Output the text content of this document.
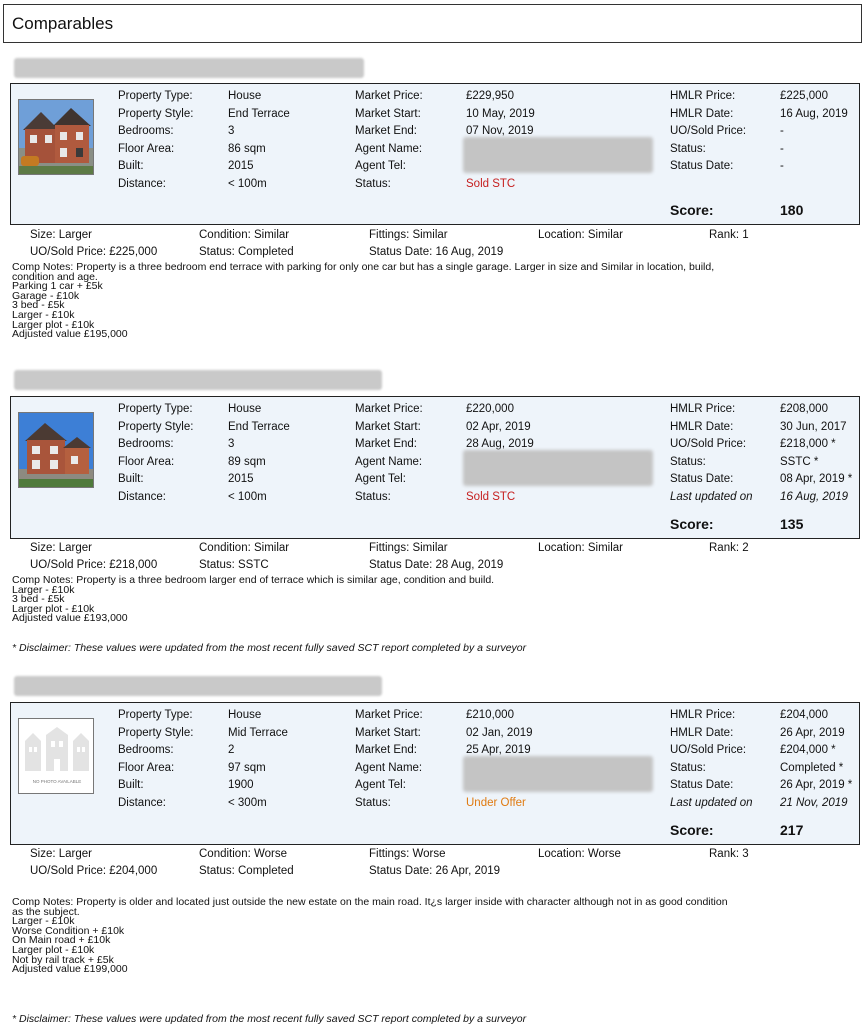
Comparables
Property Type:	House
Property Style:	End Terrace
Bedrooms:	3
Floor Area:	86 sqm
Built:	2015
Distance:	< 100m
Market Price:	£229,950
Market Start:	10 May, 2019
Market End:	07 Nov, 2019
Agent Name:
Agent Tel:
Status:	Sold STC
HMLR Price:	£225,000
HMLR Date:	16 Aug, 2019
UO/Sold Price:	-
Status:	-
Status Date:	-
Score:	180
Size: Larger	Condition: Similar	Fittings: Similar	Location: Similar	Rank: 1
UO/Sold Price: £225,000	Status: Completed	Status Date: 16 Aug, 2019
Comp Notes: Property is a three bedroom end terrace with parking for only one car but has a single garage. Larger in size and Similar in location, build,
condition and age.
Parking 1 car + £5k
Garage - £10k
3 bed - £5k
Larger - £10k
Larger plot - £10k
Adjusted value £195,000
Property Type:	House
Property Style:	End Terrace
Bedrooms:	3
Floor Area:	89 sqm
Built:	2015
Distance:	< 100m
Market Price:	£220,000
Market Start:	02 Apr, 2019
Market End:	28 Aug, 2019
Agent Name:
Agent Tel:
Status:	Sold STC
HMLR Price:	£208,000
HMLR Date:	30 Jun, 2017
UO/Sold Price:	£218,000 *
Status:	SSTC *
Status Date:	08 Apr, 2019 *
Last updated on 16 Aug, 2019
Score:	135
Size: Larger	Condition: Similar	Fittings: Similar	Location: Similar	Rank: 2
UO/Sold Price: £218,000	Status: SSTC	Status Date: 28 Aug, 2019
Comp Notes: Property is a three bedroom larger end of terrace which is similar age, condition and build.
Larger - £10k
3 bed - £5k
Larger plot - £10k
Adjusted value £193,000
* Disclaimer: These values were updated from the most recent fully saved SCT report completed by a surveyor
NO PHOTO AVAILABLE
Property Type:	House
Property Style:	Mid Terrace
Bedrooms:	2
Floor Area:	97 sqm
Built:	1900
Distance:	< 300m
Market Price:	£210,000
Market Start:	02 Jan, 2019
Market End:	25 Apr, 2019
Agent Name:
Agent Tel:
Status:	Under Offer
HMLR Price:	£204,000
HMLR Date:	26 Apr, 2019
UO/Sold Price:	£204,000 *
Status:	Completed *
Status Date:	26 Apr, 2019 *
Last updated on 21 Nov, 2019
Score:	217
Size: Larger	Condition: Worse	Fittings: Worse	Location: Worse	Rank: 3
UO/Sold Price: £204,000	Status: Completed	Status Date: 26 Apr, 2019
Comp Notes: Property is older and located just outside the new estate on the main road. It¿s larger inside with character although not in as good condition
as the subject.
Larger - £10k
Worse Condition + £10k
On Main road + £10k
Larger plot - £10k
Not by rail track + £5k
Adjusted value £199,000
* Disclaimer: These values were updated from the most recent fully saved SCT report completed by a surveyor
